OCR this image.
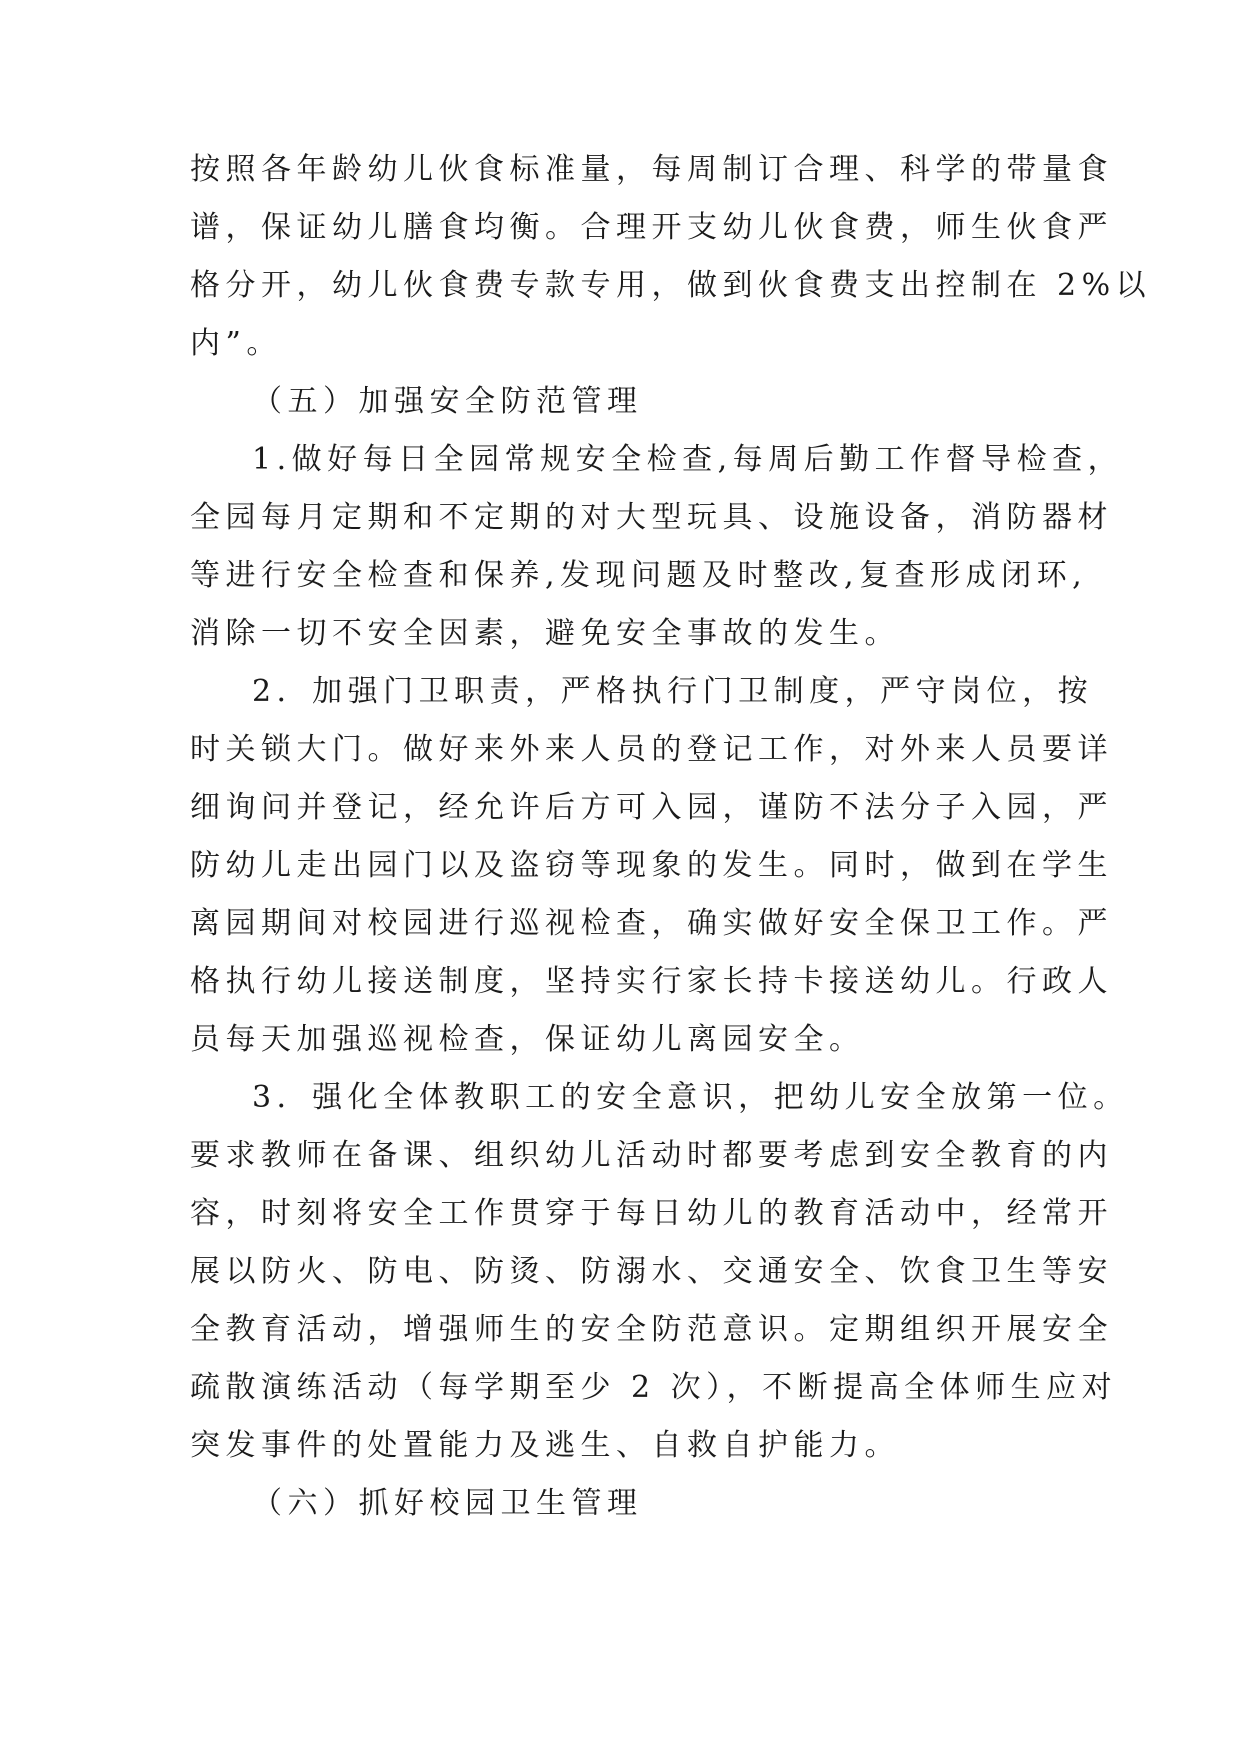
按照各年龄幼儿伙食标准量，每周制订合理、科学的带量食

谱，保证幼儿膳食均衡。合理开支幼儿伙食费，师生伙食严

格分开，幼儿伙食费专款专用，做到伙食费支出控制在 2%以

内”。

（五）加强安全防范管理

1.做好每日全园常规安全检查,每周后勤工作督导检查，

全园每月定期和不定期的对大型玩具、设施设备，消防器材

等进行安全检查和保养,发现问题及时整改,复查形成闭环,

消除一切不安全因素，避免安全事故的发生。

2．加强门卫职责，严格执行门卫制度，严守岗位，按

时关锁大门。做好来外来人员的登记工作，对外来人员要详

细询问并登记，经允许后方可入园，谨防不法分子入园，严

防幼儿走出园门以及盗窃等现象的发生。同时，做到在学生

离园期间对校园进行巡视检查，确实做好安全保卫工作。严

格执行幼儿接送制度，坚持实行家长持卡接送幼儿。行政人

员每天加强巡视检查，保证幼儿离园安全。

3．强化全体教职工的安全意识，把幼儿安全放第一位。

要求教师在备课、组织幼儿活动时都要考虑到安全教育的内

容，时刻将安全工作贯穿于每日幼儿的教育活动中，经常开

展以防火、防电、防烫、防溺水、交通安全、饮食卫生等安

全教育活动，增强师生的安全防范意识。定期组织开展安全

疏散演练活动（每学期至少 2 次），不断提高全体师生应对

突发事件的处置能力及逃生、自救自护能力。

（六）抓好校园卫生管理
